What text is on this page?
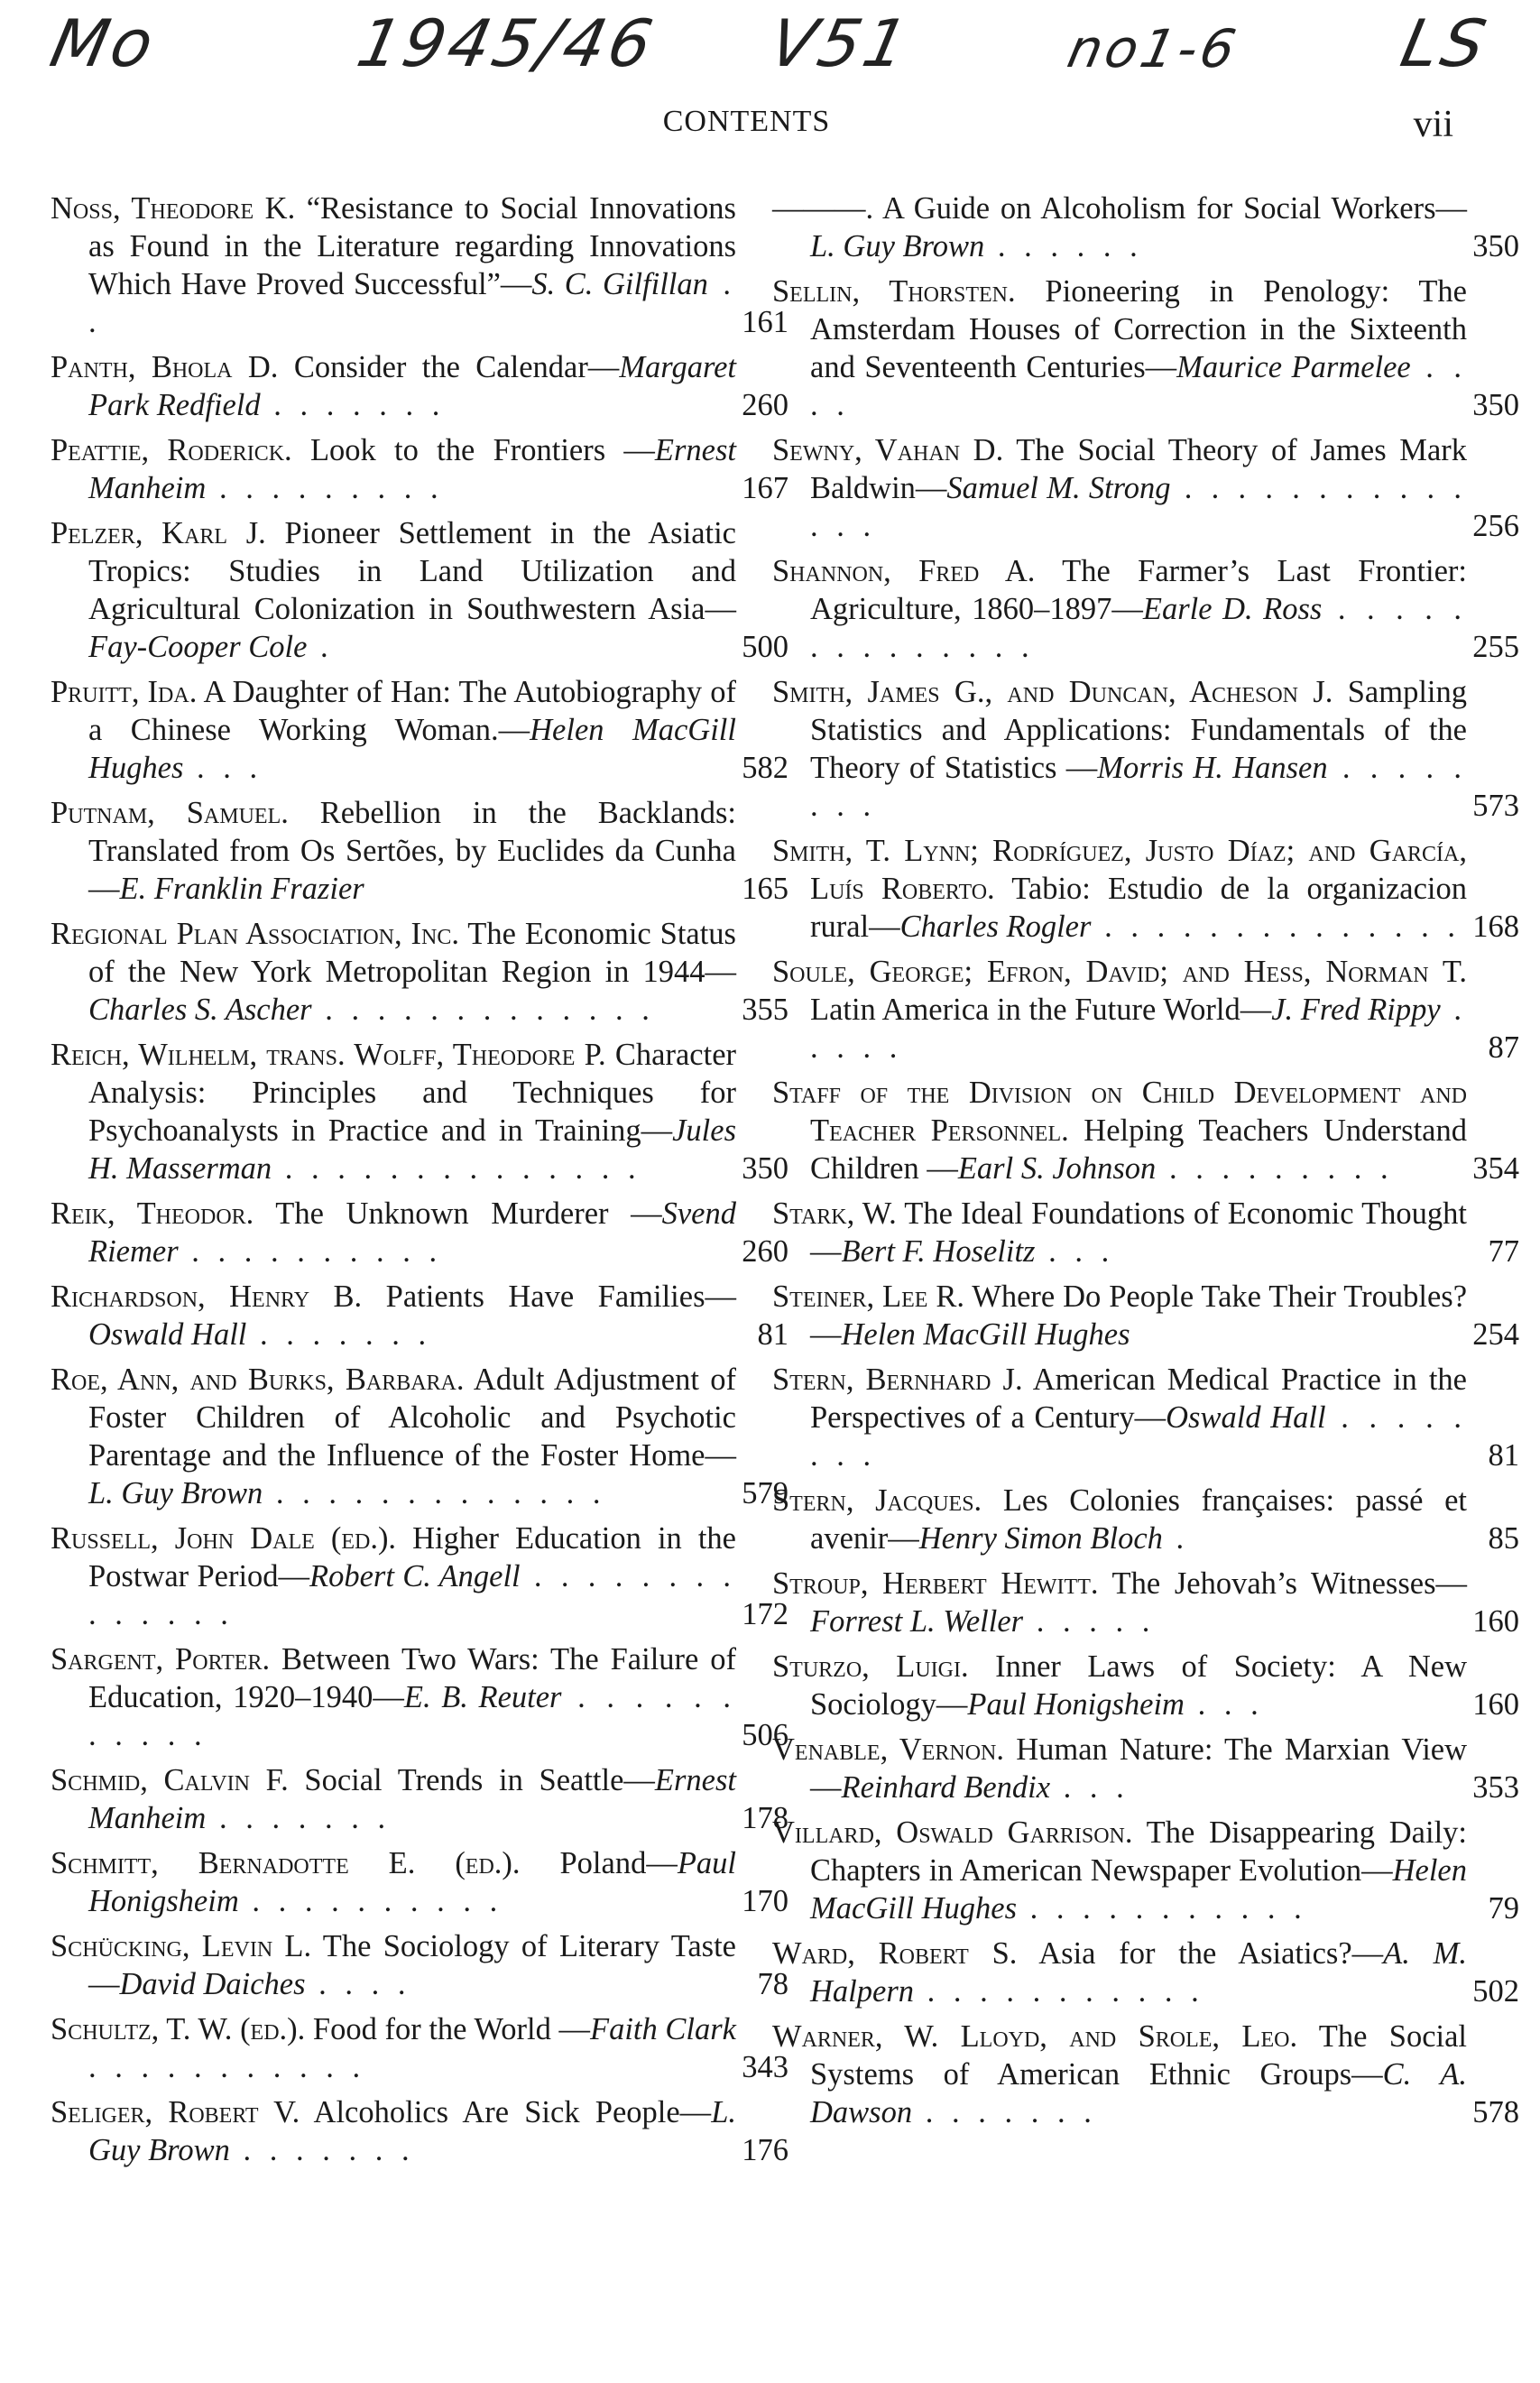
Mo	1945/46 V51	no1-6 LS
CONTENTS	vii
Noss, Theodore K. “Resistance to Social Innovations as Found in the Literature regarding Innovations Which Have Proved Successful”—S. C. Gilfillan . .	161
Panth, Bhola D. Consider the Calendar—Margaret Park Redfield . . . . . . .	260
Peattie, Roderick. Look to the Frontiers —Ernest Manheim . . . . . . . . .	167
Pelzer, Karl J. Pioneer Settlement in the Asiatic Tropics: Studies in Land Utilization and Agricultural Colonization in Southwestern Asia—Fay-Cooper Cole .	500
Pruitt, Ida. A Daughter of Han: The Autobiography of a Chinese Working Woman.—Helen MacGill Hughes . . .	582
Putnam, Samuel. Rebellion in the Backlands: Translated from Os Sertões, by Euclides da Cunha—E. Franklin Frazier	165
Regional Plan Association, Inc. The Economic Status of the New York Metropolitan Region in 1944—Charles S. Ascher . . . . . . . . . . . . .	355
Reich, Wilhelm, trans. Wolff, Theodore P. Character Analysis: Principles and Techniques for Psychoanalysts in Practice and in Training—Jules H. Masserman . . . . . . . . . . . . . .	350
Reik, Theodor. The Unknown Murderer —Svend Riemer . . . . . . . . . .	260
Richardson, Henry B. Patients Have Families—Oswald Hall . . . . . . .	81
Roe, Ann, and Burks, Barbara. Adult Adjustment of Foster Children of Alcoholic and Psychotic Parentage and the Influence of the Foster Home—L. Guy Brown . . . . . . . . . . . . .	579
Russell, John Dale (ed.). Higher Education in the Postwar Period—Robert C. Angell . . . . . . . . . . . . . .	172
Sargent, Porter. Between Two Wars: The Failure of Education, 1920–1940—E. B. Reuter . . . . . . . . . . .	506
Schmid, Calvin F. Social Trends in Seattle—Ernest Manheim . . . . . . .	178
Schmitt, Bernadotte E. (ed.). Poland—Paul Honigsheim . . . . . . . . . .	170
Schücking, Levin L. The Sociology of Literary Taste—David Daiches . . . .	78
Schultz, T. W. (ed.). Food for the World —Faith Clark . . . . . . . . . . .	343
Seliger, Robert V. Alcoholics Are Sick People—L. Guy Brown . . . . . . .	176
———. A Guide on Alcoholism for Social Workers—L. Guy Brown . . . . . .	350
Sellin, Thorsten. Pioneering in Penology: The Amsterdam Houses of Correction in the Sixteenth and Seventeenth Centuries—Maurice Parmelee . . . .	350
Sewny, Vahan D. The Social Theory of James Mark Baldwin—Samuel M. Strong . . . . . . . . . . . . . .	256
Shannon, Fred A. The Farmer’s Last Frontier: Agriculture, 1860–1897—Earle D. Ross . . . . . . . . . . . . . .	255
Smith, James G., and Duncan, Acheson J. Sampling Statistics and Applications: Fundamentals of the Theory of Statistics —Morris H. Hansen . . . . . . . .	573
Smith, T. Lynn; Rodríguez, Justo Díaz; and García, Luís Roberto. Tabio: Estudio de la organizacion rural—Charles Rogler . . . . . . . . . . . . . . 168
Soule, George; Efron, David; and Hess, Norman T. Latin America in the Future World—J. Fred Rippy . . . . .	87
Staff of the Division on Child Development and Teacher Personnel. Helping Teachers Understand Children —Earl S. Johnson . . . . . . . . .	354
Stark, W. The Ideal Foundations of Economic Thought—Bert F. Hoselitz . . .	77
Steiner, Lee R. Where Do People Take Their Troubles?—Helen MacGill Hughes	254
Stern, Bernhard J. American Medical Practice in the Perspectives of a Century—Oswald Hall . . . . . . . .	81
Stern, Jacques. Les Colonies françaises: passé et avenir—Henry Simon Bloch .	85
Stroup, Herbert Hewitt. The Jehovah’s Witnesses—Forrest L. Weller . . . . .	160
Sturzo, Luigi. Inner Laws of Society: A New Sociology—Paul Honigsheim . . .	160
Venable, Vernon. Human Nature: The Marxian View—Reinhard Bendix . . .	353
Villard, Oswald Garrison. The Disappearing Daily: Chapters in American Newspaper Evolution—Helen MacGill Hughes . . . . . . . . . . .	79
Ward, Robert S. Asia for the Asiatics?—A. M. Halpern . . . . . . . . . . .	502
Warner, W. Lloyd, and Srole, Leo. The Social Systems of American Ethnic Groups—C. A. Dawson . . . . . . .	578
